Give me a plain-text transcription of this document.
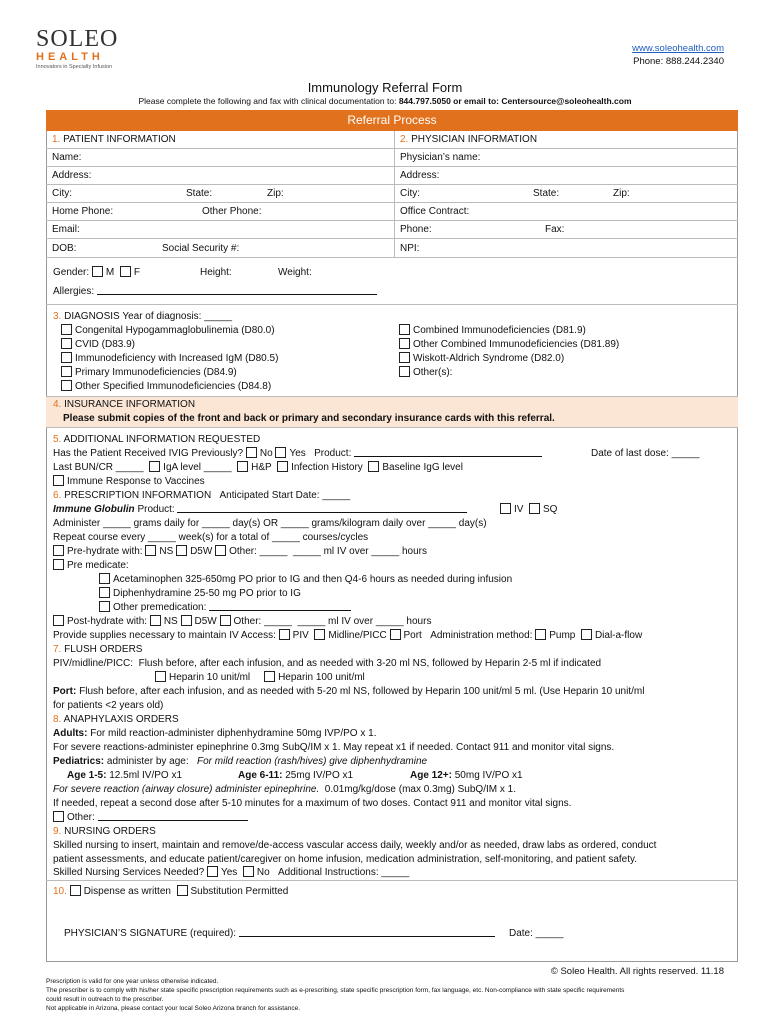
SOLEO
HEALTH
Innovators in Specialty Infusion
www.soleohealth.com
Phone: 888.244.2340
Immunology Referral Form
Please complete the following and fax with clinical documentation to: 844.797.5050 or email to: Centersource@soleohealth.com
Referral Process
1. PATIENT INFORMATION	2. PHYSICIAN INFORMATION
Name:	Physician’s name:
Address:	Address:
City:	State:	Zip:	City:	State:	Zip:
Home Phone:	Other Phone:	Office Contract:
Email:	Phone:	Fax:
DOB:	Social Security #:	NPI:
Gender: M F	Height:	Weight:
Allergies:
3. DIAGNOSIS Year of diagnosis: _____
Congenital Hypogammaglobulinemia (D80.0)
CVID (D83.9)
Immunodeficiency with Increased IgM (D80.5)
Primary Immunodeficiencies (D84.9)
Other Specified Immunodeficiencies (D84.8)
Combined Immunodeficiencies (D81.9)
Other Combined Immunodeficiencies (D81.89)
Wiskott-Aldrich Syndrome (D82.0)
Other(s):
4. INSURANCE INFORMATION
Please submit copies of the front and back or primary and secondary insurance cards with this referral.
5. ADDITIONAL INFORMATION REQUESTED
Has the Patient Received IVIG Previously? No Yes Product:	Date of last dose: _____
Last BUN/CR _____ IgA level _____ H&P Infection History Baseline IgG level
Immune Response to Vaccines
6. PRESCRIPTION INFORMATION Anticipated Start Date: _____
Immune Globulin Product:	IV SQ
Administer _____ grams daily for _____ day(s) OR _____ grams/kilogram daily over _____ day(s)
Repeat course every _____ week(s) for a total of _____ courses/cycles
Pre-hydrate with: NS D5W Other: _____ _____ ml IV over _____ hours
Pre medicate:
Acetaminophen 325-650mg PO prior to IG and then Q4-6 hours as needed during infusion
Diphenhydramine 25-50 mg PO prior to IG
Other premedication:
Post-hydrate with: NS D5W Other: _____ _____ ml IV over _____ hours
Provide supplies necessary to maintain IV Access: PIV Midline/PICC Port Administration method: Pump Dial-a-flow
7. FLUSH ORDERS
PIV/midline/PICC: Flush before, after each infusion, and as needed with 3-20 ml NS, followed by Heparin 2-5 ml if indicated
Heparin 10 unit/ml	Heparin 100 unit/ml
Port: Flush before, after each infusion, and as needed with 5-20 ml NS, followed by Heparin 100 unit/ml 5 ml. (Use Heparin 10 unit/ml
for patients <2 years old)
8. ANAPHYLAXIS ORDERS
Adults: For mild reaction-administer diphenhydramine 50mg IVP/PO x 1.
For severe reactions-administer epinephrine 0.3mg SubQ/IM x 1. May repeat x1 if needed. Contact 911 and monitor vital signs.
Pediatrics: administer by age: For mild reaction (rash/hives) give diphenhydramine
Age 1-5: 12.5ml IV/PO x1	Age 6-11: 25mg IV/PO x1	Age 12+: 50mg IV/PO x1
For severe reaction (airway closure) administer epinephrine. 0.01mg/kg/dose (max 0.3mg) SubQ/IM x 1.
If needed, repeat a second dose after 5-10 minutes for a maximum of two doses. Contact 911 and monitor vital signs.
Other:
9. NURSING ORDERS
Skilled nursing to insert, maintain and remove/de-access vascular access daily, weekly and/or as needed, draw labs as ordered, conduct
patient assessments, and educate patient/caregiver on home infusion, medication administration, self-monitoring, and patient safety.
Skilled Nursing Services Needed? Yes No Additional Instructions: _____
10. Dispense as written Substitution Permitted
PHYSICIAN’S SIGNATURE (required):	Date: _____
© Soleo Health. All rights reserved. 11.18
Prescription is valid for one year unless otherwise indicated.
The prescriber is to comply with his/her state specific prescription requirements such as e-prescribing, state specific prescription form, fax language, etc. Non-compliance with state specific requirements
could result in outreach to the prescriber.
Not applicable in Arizona, please contact your local Soleo Arizona branch for assistance.
